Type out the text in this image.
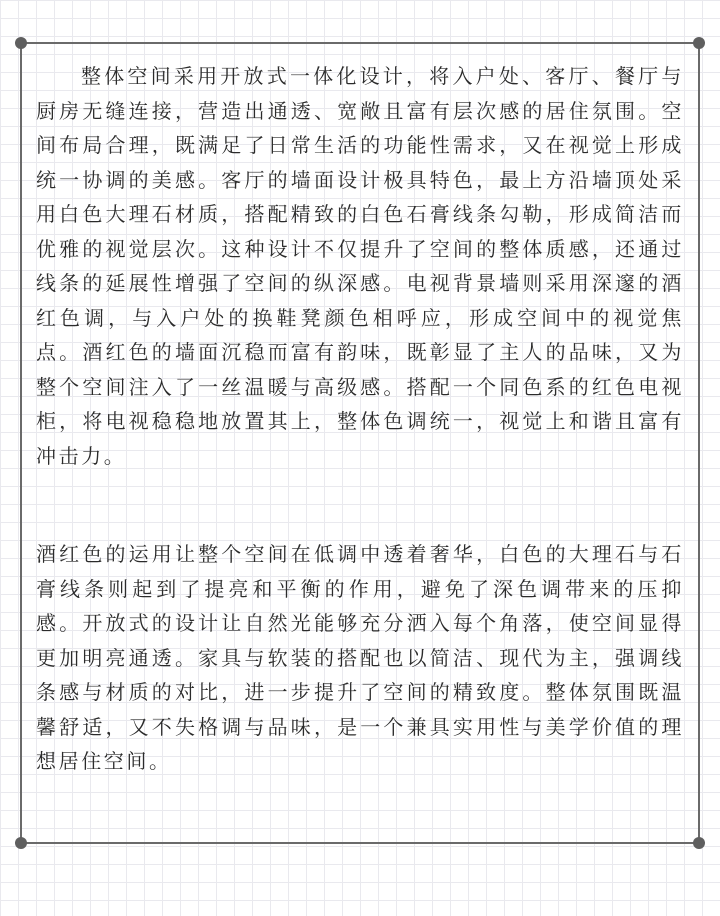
整体空间采用开放式一体化设计，将入户处、客厅、餐厅与厨房无缝连接，营造出通透、宽敞且富有层次感的居住氛围。空间布局合理，既满足了日常生活的功能性需求，又在视觉上形成统一协调的美感。客厅的墙面设计极具特色，最上方沿墙顶处采用白色大理石材质，搭配精致的白色石膏线条勾勒，形成简洁而优雅的视觉层次。这种设计不仅提升了空间的整体质感，还通过线条的延展性增强了空间的纵深感。电视背景墙则采用深邃的酒红色调，与入户处的换鞋凳颜色相呼应，形成空间中的视觉焦点。酒红色的墙面沉稳而富有韵味，既彰显了主人的品味，又为整个空间注入了一丝温暖与高级感。搭配一个同色系的红色电视柜，将电视稳稳地放置其上，整体色调统一，视觉上和谐且富有冲击力。

酒红色的运用让整个空间在低调中透着奢华，白色的大理石与石膏线条则起到了提亮和平衡的作用，避免了深色调带来的压抑感。开放式的设计让自然光能够充分洒入每个角落，使空间显得更加明亮通透。家具与软装的搭配也以简洁、现代为主，强调线条感与材质的对比，进一步提升了空间的精致度。整体氛围既温馨舒适，又不失格调与品味，是一个兼具实用性与美学价值的理想居住空间。
